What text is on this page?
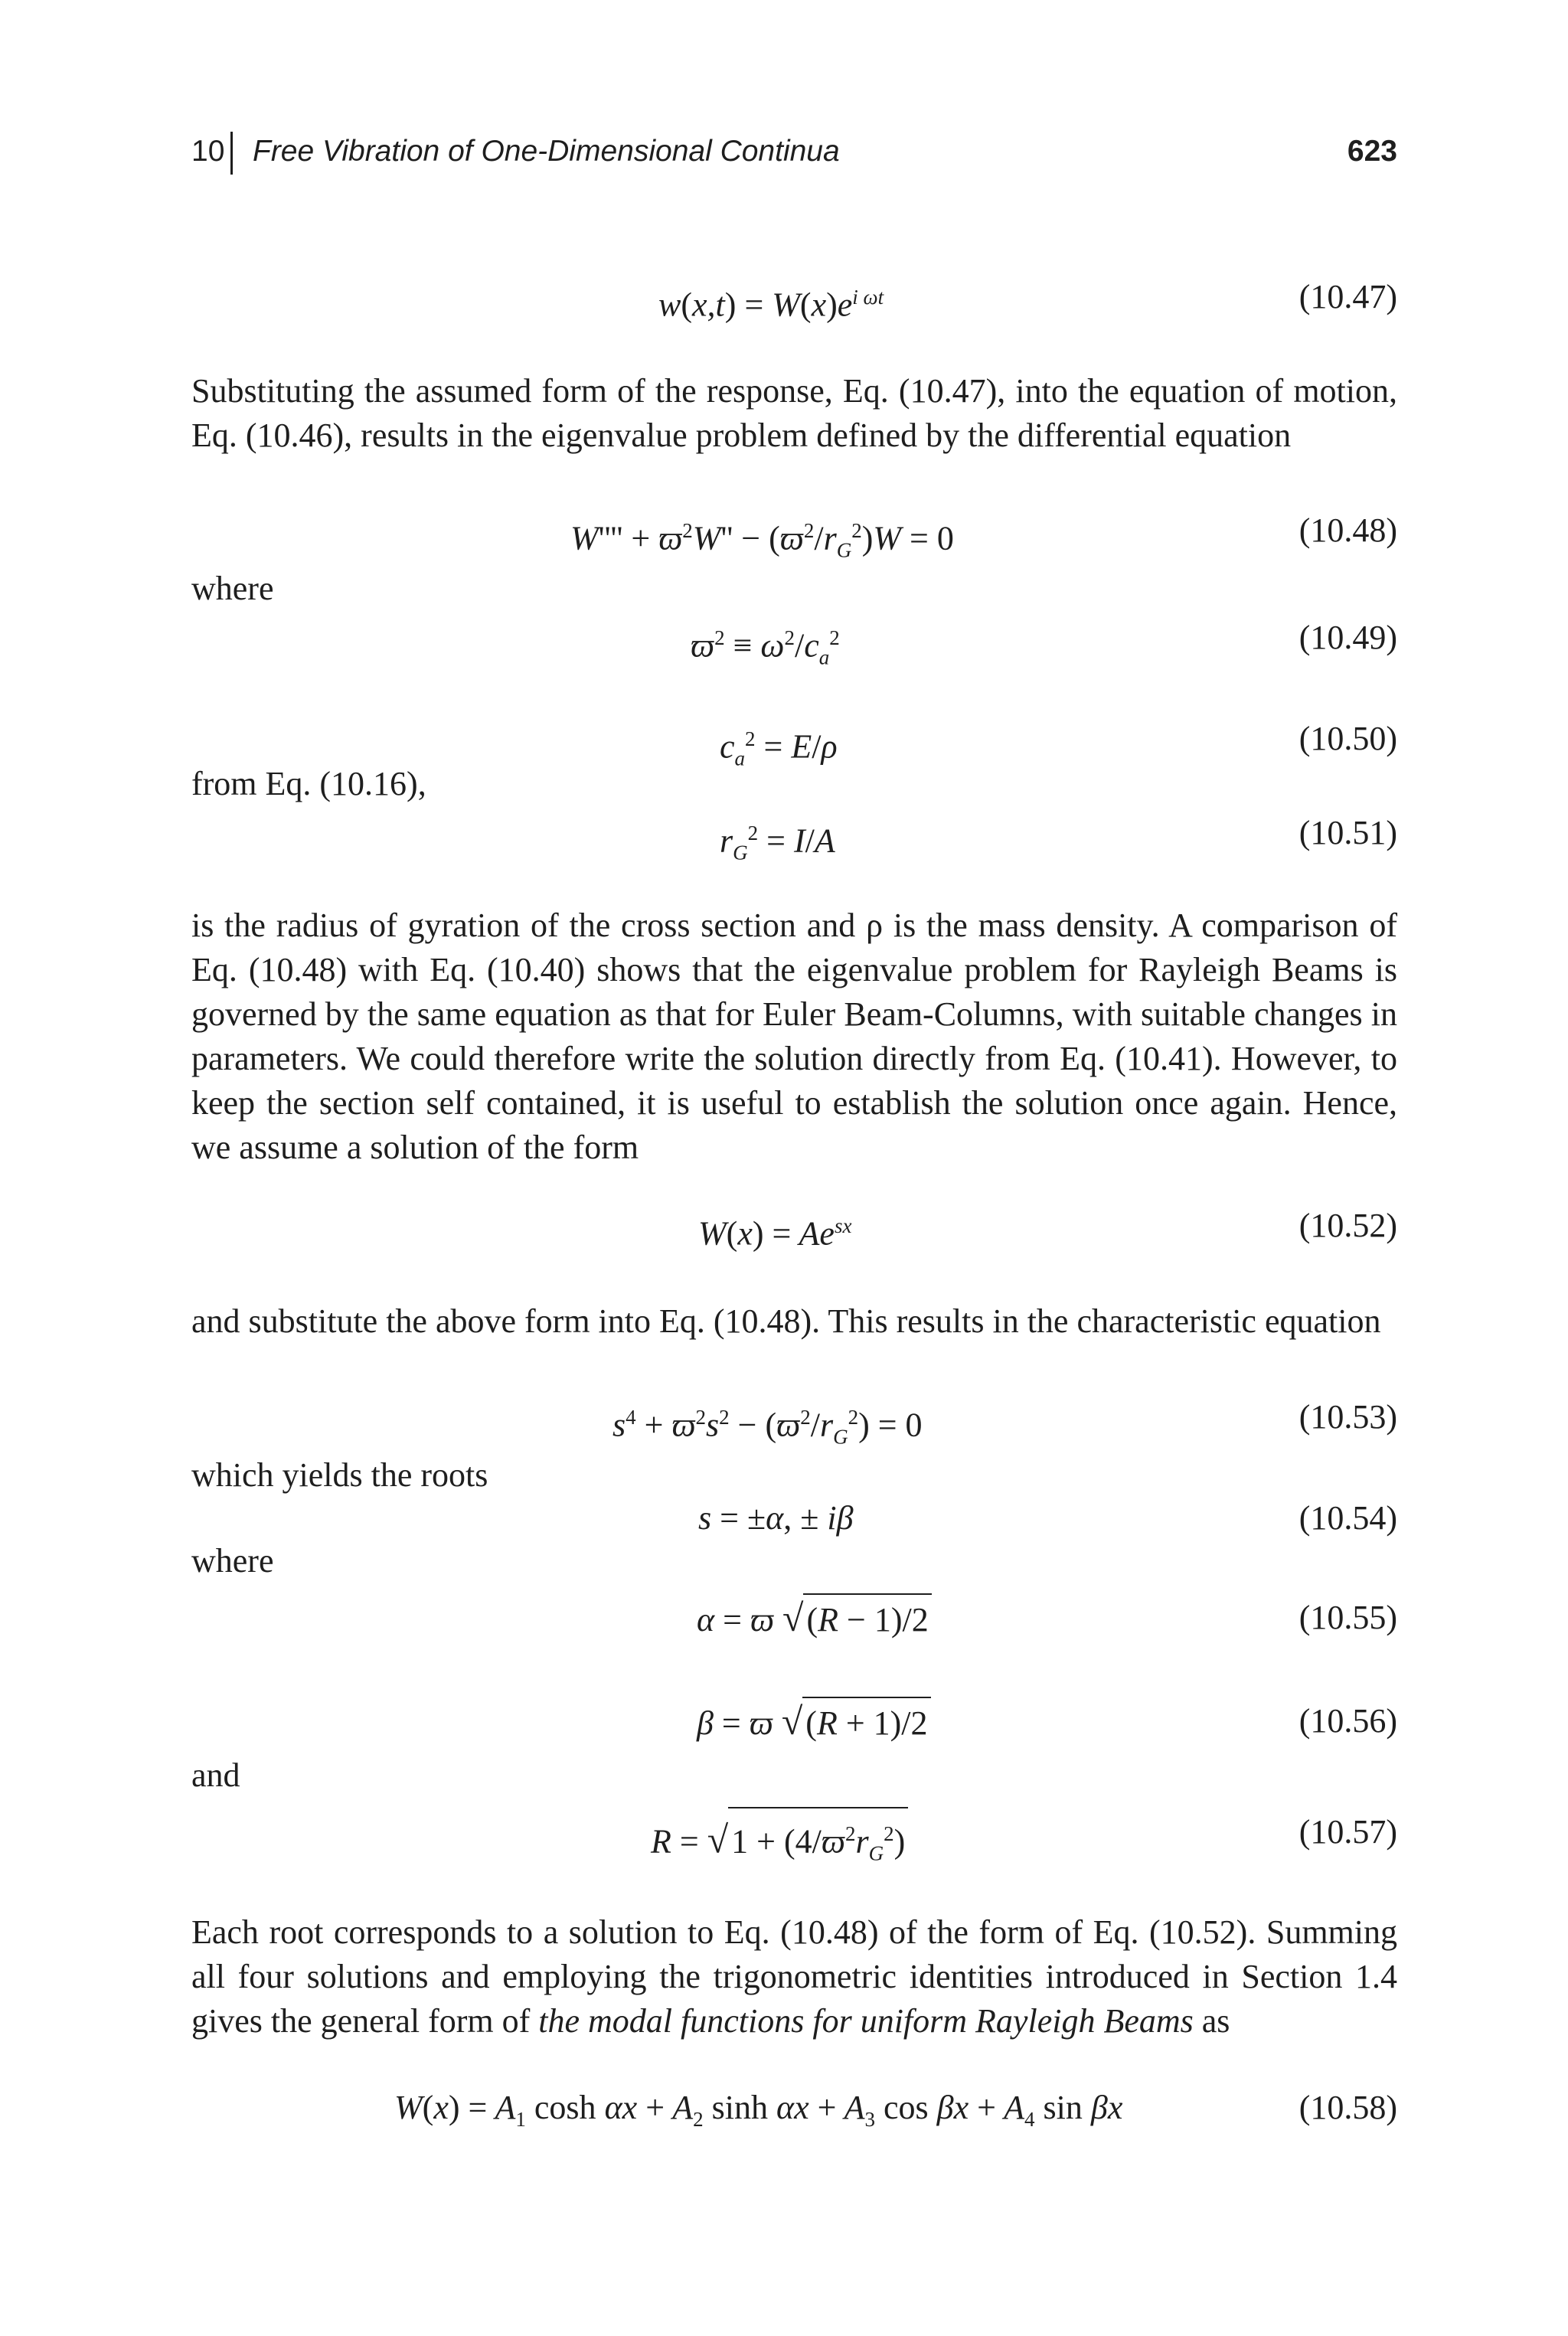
10 Free Vibration of One-Dimensional Continua	623
$w(x,t) = W(x)e^{i \omega t}$	(10.47)

Substituting the assumed form of the response, Eq. (10.47), into the equation of motion, Eq. (10.46), results in the eigenvalue problem defined by the differential equation

$W'''' + ϖ^2W'' - (ϖ^2/r_G^2)W = 0$	(10.48)
where
$ϖ^2 \equiv \omega^2/c_a^2$	(10.49)
$c_a^2 = E/\rho$	(10.50)
from Eq. (10.16),
$r_G^2 = I/A$	(10.51)

is the radius of gyration of the cross section and ρ is the mass density. A comparison of Eq. (10.48) with Eq. (10.40) shows that the eigenvalue problem for Rayleigh Beams is governed by the same equation as that for Euler Beam-Columns, with suitable changes in parameters. We could therefore write the solution directly from Eq. (10.41). However, to keep the section self contained, it is useful to establish the solution once again. Hence, we assume a solution of the form

$W(x) = Ae^{sx}$	(10.52)

and substitute the above form into Eq. (10.48). This results in the characteristic equation

$s^4 + ϖ^2s^2 - (ϖ^2/r_G^2) = 0$	(10.53)
which yields the roots
s = ±α, ± iβ	(10.54)
where
α = ϖ √(R − 1)/2	(10.55)
β = ϖ √(R + 1)/2	(10.56)
and
$R = √1 + (4/ϖ^2r_G^2)$	(10.57)

Each root corresponds to a solution to Eq. (10.48) of the form of Eq. (10.52). Summing all four solutions and employing the trigonometric identities introduced in Section 1.4 gives the general form of the modal functions for uniform Rayleigh Beams as

$W(x) = A_1$ $\cosh \alpha x + A_2$ $\sinh \alpha x + A_3$ $\cos \beta x + A_4$ sin βx	(10.58)
